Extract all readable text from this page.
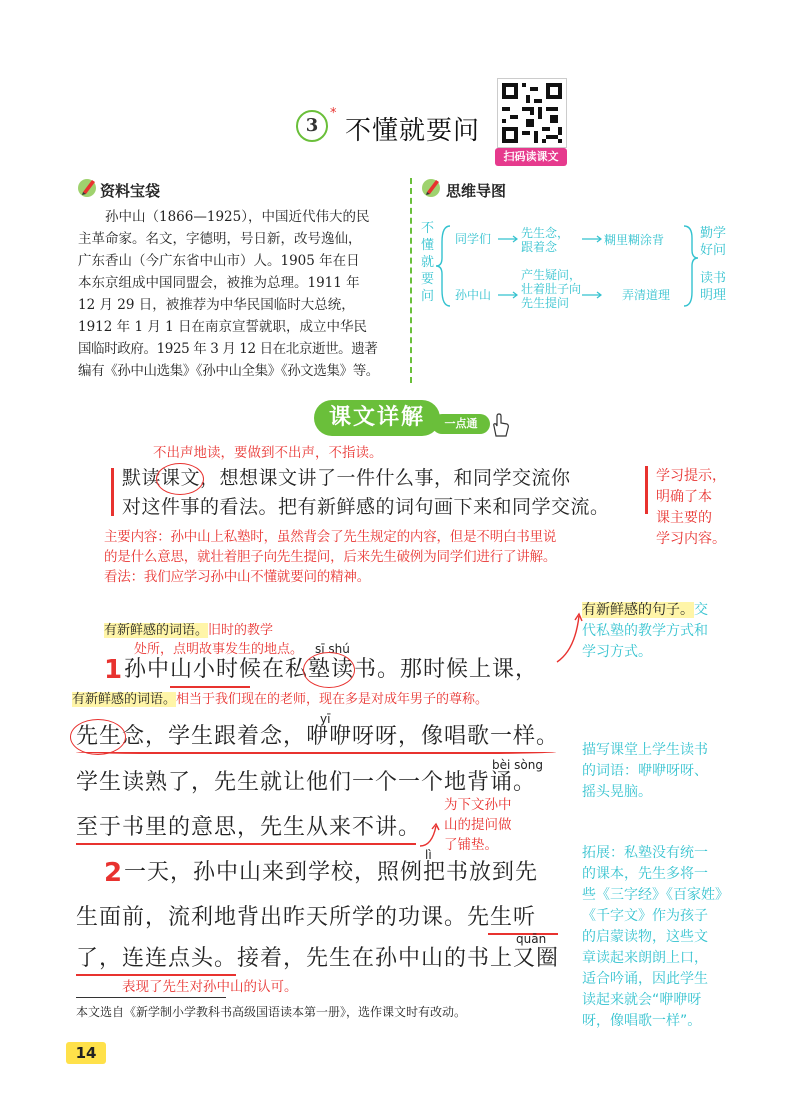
3
*
不懂就要问
扫码读课文
资料宝袋

孙中山（1866—1925），中国近代伟大的民

主革命家。名文，字德明，号日新，改号逸仙，

广东香山（今广东省中山市）人。1905 年在日

本东京组成中国同盟会，被推为总理。1911 年

12 月 29 日，被推荐为中华民国临时大总统，

1912 年 1 月 1 日在南京宣誓就职，成立中华民

国临时政府。1925 年 3 月 12 日在北京逝世。遗著

编有《孙中山选集》《孙中山全集》《孙文选集》等。

思维导图
不懂就要问
同学们
孙中山
先生念，
跟着念
产生疑问，
壮着肚子向
先生提问
糊里糊涂背
弄清道理
勤学
好问
读书
明理
课文详解	一点通
不出声地读，要做到不出声，不指读。
默读课文，想想课文讲了一件什么事，和同学交流你
对这件事的看法。把有新鲜感的词句画下来和同学交流。
学习提示，
明确了本
课主要的
学习内容。
主要内容：孙中山上私塾时，虽然背会了先生规定的内容，但是不明白书里说
的是什么意思，就壮着胆子向先生提问，后来先生破例为同学们进行了讲解。
看法：我们应学习孙中山不懂就要问的精神。
有新鲜感的词语。旧时的教学
处所，点明故事发生的地点。 sī shú
1 孙中山小时候在私塾读书。那时候上课，
有新鲜感的词语。相当于我们现在的老师，现在多是对成年男子的尊称。
yī
先生念，学生跟着念，咿咿呀呀，像唱歌一样。
bèi sòng
学生读熟了，先生就让他们一个一个地背诵。
至于书里的意思，先生从来不讲。
为下文孙中
山的提问做
了铺垫。
lì
2 一天，孙中山来到学校，照例把书放到先
生面前，流利地背出昨天所学的功课。先生听
quān
了，连连点头。接着，先生在孙中山的书上又圈
表现了先生对孙中山的认可。
有新鲜感的句子。交
代私塾的教学方式和
学习方式。
描写课堂上学生读书
的词语：咿咿呀呀、
摇头晃脑。
拓展：私塾没有统一
的课本，先生多将一
些《三字经》《百家姓》
《千字文》作为孩子
的启蒙读物，这些文
章读起来朗朗上口，
适合吟诵，因此学生
读起来就会“咿咿呀
呀，像唱歌一样”。
本文选自《新学制小学教科书高级国语读本第一册》，选作课文时有改动。
14
